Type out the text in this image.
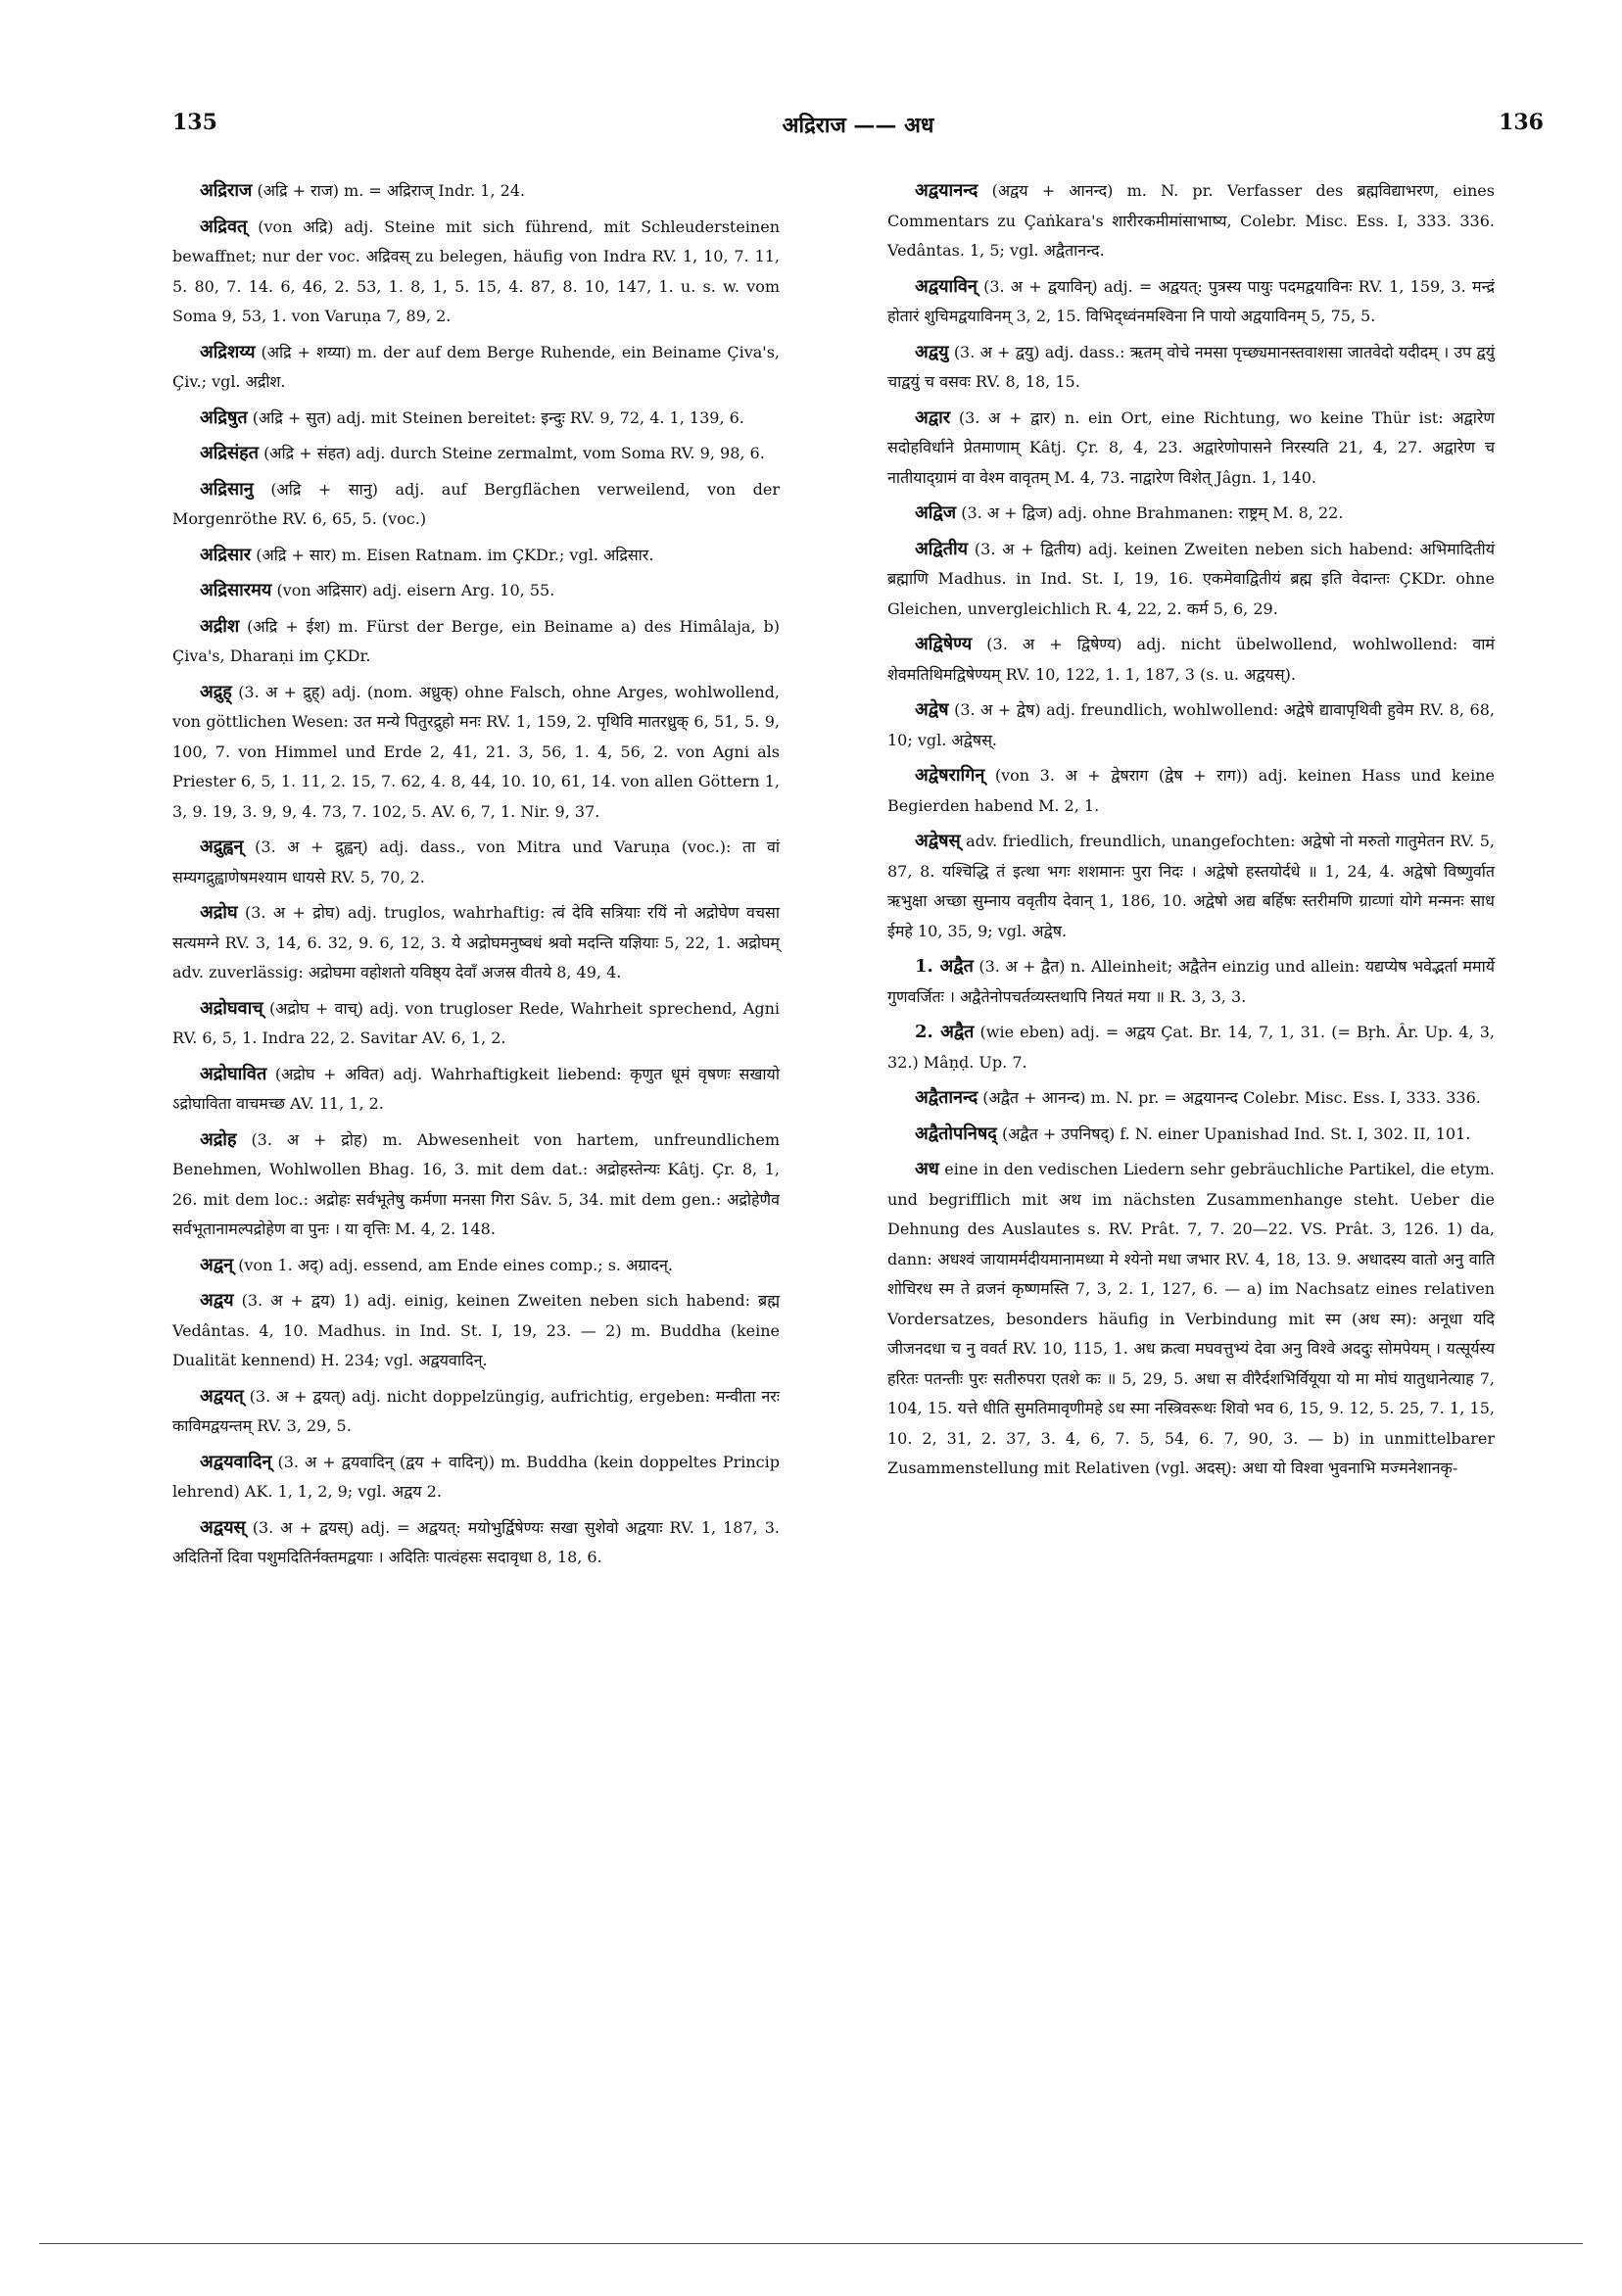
135	अद्रिराज —— अध	136

अद्रिराज (अद्रि + राज) m. = अद्रिराज् Indr. 1, 24.

अद्रिवत् (von अद्रि) adj. Steine mit sich führend, mit Schleudersteinen bewaffnet; nur der voc. अद्रिवस् zu belegen, häufig von Indra RV. 1, 10, 7. 11, 5. 80, 7. 14. 6, 46, 2. 53, 1. 8, 1, 5. 15, 4. 87, 8. 10, 147, 1. u. s. w. vom Soma 9, 53, 1. von Varuṇa 7, 89, 2.

अद्रिशय्य (अद्रि + शय्या) m. der auf dem Berge Ruhende, ein Beiname Çiva's, Çiv.; vgl. अद्रीश.

अद्रिषुत (अद्रि + सुत) adj. mit Steinen bereitet: इन्दुः RV. 9, 72, 4. 1, 139, 6.

अद्रिसंहत (अद्रि + संहत) adj. durch Steine zermalmt, vom Soma RV. 9, 98, 6.

अद्रिसानु (अद्रि + सानु) adj. auf Bergflächen verweilend, von der Morgenröthe RV. 6, 65, 5. (voc.)

अद्रिसार (अद्रि + सार) m. Eisen Ratnam. im ÇKDr.; vgl. अद्रिसार.

अद्रिसारमय (von अद्रिसार) adj. eisern Arg. 10, 55.

अद्रीश (अद्रि + ईश) m. Fürst der Berge, ein Beiname a) des Himâlaja, b) Çiva's, Dharaṇi im ÇKDr.

अद्रुह् (3. अ + द्रुह्) adj. (nom. अध्रुक्) ohne Falsch, ohne Arges, wohlwollend, von göttlichen Wesen: उत मन्ये पितुरद्रुहो मनः RV. 1, 159, 2. पृथिवि मातरध्रुक् 6, 51, 5. 9, 100, 7. von Himmel und Erde 2, 41, 21. 3, 56, 1. 4, 56, 2. von Agni als Priester 6, 5, 1. 11, 2. 15, 7. 62, 4. 8, 44, 10. 10, 61, 14. von allen Göttern 1, 3, 9. 19, 3. 9, 9, 4. 73, 7. 102, 5. AV. 6, 7, 1. Nir. 9, 37.

अद्रुह्वन् (3. अ + द्रुह्वन्) adj. dass., von Mitra und Varuṇa (voc.): ता वां सम्यगद्रुह्वाणेषमश्याम धायसे RV. 5, 70, 2.

अद्रोघ (3. अ + द्रोघ) adj. truglos, wahrhaftig: त्वं देवि सत्रियाः रयिं नो अद्रोघेण वचसा सत्यमग्ने RV. 3, 14, 6. 32, 9. 6, 12, 3. ये अद्रोघमनुष्वधं श्रवो मदन्ति यज्ञियाः 5, 22, 1. अद्रोघम् adv. zuverlässig: अद्रोघमा वहोशतो यविष्ठ्य देवाँ अजस्र वीतये 8, 49, 4.

अद्रोघवाच् (अद्रोघ + वाच्) adj. von trugloser Rede, Wahrheit sprechend, Agni RV. 6, 5, 1. Indra 22, 2. Savitar AV. 6, 1, 2.

अद्रोघावित (अद्रोघ + अवित) adj. Wahrhaftigkeit liebend: कृणुत धूमं वृषणः सखायो ऽद्रोघाविता वाचमच्छ AV. 11, 1, 2.

अद्रोह (3. अ + द्रोह) m. Abwesenheit von hartem, unfreundlichem Benehmen, Wohlwollen Bhag. 16, 3. mit dem dat.: अद्रोहस्तेन्यः Kâtj. Çr. 8, 1, 26. mit dem loc.: अद्रोहः सर्वभूतेषु कर्मणा मनसा गिरा Sâv. 5, 34. mit dem gen.: अद्रोहेणैव सर्वभूतानामल्पद्रोहेण वा पुनः । या वृत्तिः M. 4, 2. 148.

अद्वन् (von 1. अद्) adj. essend, am Ende eines comp.; s. अग्रादन्.

अद्वय (3. अ + द्वय) 1) adj. einig, keinen Zweiten neben sich habend: ब्रह्म Vedântas. 4, 10. Madhus. in Ind. St. I, 19, 23. — 2) m. Buddha (keine Dualität kennend) H. 234; vgl. अद्वयवादिन्.

अद्वयत् (3. अ + द्वयत्) adj. nicht doppelzüngig, aufrichtig, ergeben: मन्वीता नरः काविमद्वयन्तम् RV. 3, 29, 5.

अद्वयवादिन् (3. अ + द्वयवादिन् (द्वय + वादिन्)) m. Buddha (kein doppeltes Princip lehrend) AK. 1, 1, 2, 9; vgl. अद्वय 2.

अद्वयस् (3. अ + द्वयस्) adj. = अद्वयत्: मयोभुर्द्विषेण्यः सखा सुशेवो अद्वयाः RV. 1, 187, 3. अदितिर्नो दिवा पशुमदितिर्नक्तमद्वयाः । अदितिः पात्वंहसः सदावृधा 8, 18, 6.

अद्वयानन्द (अद्वय + आनन्द) m. N. pr. Verfasser des ब्रह्मविद्याभरण, eines Commentars zu Çaṅkara's शारीरकमीमांसाभाष्य, Colebr. Misc. Ess. I, 333. 336. Vedântas. 1, 5; vgl. अद्वैतानन्द.

अद्वयाविन् (3. अ + द्वयाविन्) adj. = अद्वयत्: पुत्रस्य पायुः पदमद्वयाविनः RV. 1, 159, 3. मन्द्रं होतारं शुचिमद्वयाविनम् 3, 2, 15. विभिद्ध्वंनमश्विना नि पायो अद्वयाविनम् 5, 75, 5.

अद्वयु (3. अ + द्वयु) adj. dass.: ऋतम् वोचे नमसा पृच्छ्यमानस्तवाशसा जातवेदो यदीदम् । उप द्वयुं चाद्वयुं च वसवः RV. 8, 18, 15.

अद्वार (3. अ + द्वार) n. ein Ort, eine Richtung, wo keine Thür ist: अद्वारेण सदोहविर्धाने प्रेतमाणाम् Kâtj. Çr. 8, 4, 23. अद्वारेणोपासने निरस्यति 21, 4, 27. अद्वारेण च नातीयाद्ग्रामं वा वेश्म वावृतम् M. 4, 73. नाद्वारेण विशेत् Jâgn. 1, 140.

अद्विज (3. अ + द्विज) adj. ohne Brahmanen: राष्ट्रम् M. 8, 22.

अद्वितीय (3. अ + द्वितीय) adj. keinen Zweiten neben sich habend: अभिमादितीयं ब्रह्माणि Madhus. in Ind. St. I, 19, 16. एकमेवाद्वितीयं ब्रह्म इति वेदान्तः ÇKDr. ohne Gleichen, unvergleichlich R. 4, 22, 2. कर्म 5, 6, 29.

अद्विषेण्य (3. अ + द्विषेण्य) adj. nicht übelwollend, wohlwollend: वामं शेवमतिथिमद्विषेण्यम् RV. 10, 122, 1. 1, 187, 3 (s. u. अद्वयस्).

अद्वेष (3. अ + द्वेष) adj. freundlich, wohlwollend: अद्वेषे द्यावापृथिवी हुवेम RV. 8, 68, 10; vgl. अद्वेषस्.

अद्वेषरागिन् (von 3. अ + द्वेषराग (द्वेष + राग)) adj. keinen Hass und keine Begierden habend M. 2, 1.

अद्वेषस् adv. friedlich, freundlich, unangefochten: अद्वेषो नो मरुतो गातुमेतन RV. 5, 87, 8. यश्चिद्धि तं इत्था भगः शशमानः पुरा निदः । अद्वेषो हस्तयोर्दधे ॥ 1, 24, 4. अद्वेषो विष्णुर्वात ऋभुक्षा अच्छा सुम्नाय ववृतीय देवान् 1, 186, 10. अद्वेषो अद्य बर्हिषः स्तरीमणि ग्राव्णां योगे मन्मनः साध ईमहे 10, 35, 9; vgl. अद्वेष.

1. अद्वैत (3. अ + द्वैत) n. Alleinheit; अद्वैतेन einzig und allein: यद्यप्येष भवेद्भर्ता ममार्ये गुणवर्जितः । अद्वैतेनोपचर्तव्यस्तथापि नियतं मया ॥ R. 3, 3, 3.

2. अद्वैत (wie eben) adj. = अद्वय Çat. Br. 14, 7, 1, 31. (= Bṛh. Âr. Up. 4, 3, 32.) Mâṇḍ. Up. 7.

अद्वैतानन्द (अद्वैत + आनन्द) m. N. pr. = अद्वयानन्द Colebr. Misc. Ess. I, 333. 336.

अद्वैतोपनिषद् (अद्वैत + उपनिषद्) f. N. einer Upanishad Ind. St. I, 302. II, 101.

अध eine in den vedischen Liedern sehr gebräuchliche Partikel, die etym. und begrifflich mit अथ im nächsten Zusammenhange steht. Ueber die Dehnung des Auslautes s. RV. Prât. 7, 7. 20—22. VS. Prât. 3, 126. 1) da, dann: अधश्वं जायामर्मदीयमानामध्या मे श्येनो मधा जभार RV. 4, 18, 13. 9. अधादस्य वातो अनु वाति शोचिरध स्म ते व्रजनं कृष्णमस्ति 7, 3, 2. 1, 127, 6. — a) im Nachsatz eines relativen Vordersatzes, besonders häufig in Verbindung mit स्म (अध स्म): अनूधा यदि जीजनदधा च नु ववर्त RV. 10, 115, 1. अध क्रत्वा मघवत्तुभ्यं देवा अनु विश्वे अददुः सोमपेयम् । यत्सूर्यस्य हरितः पतन्तीः पुरः सतीरुपरा एतशे कः ॥ 5, 29, 5. अधा स वीरैर्दशभिर्वियूया यो मा मोघं यातुधानेत्याह 7, 104, 15. यत्ते धीति सुमतिमावृणीमहे ऽध स्मा नस्त्रिवरूथः शिवो भव 6, 15, 9. 12, 5. 25, 7. 1, 15, 10. 2, 31, 2. 37, 3. 4, 6, 7. 5, 54, 6. 7, 90, 3. — b) in unmittelbarer Zusammenstellung mit Relativen (vgl. अदस्): अधा यो विश्वा भुवनाभि मज्मनेशानकृ-
